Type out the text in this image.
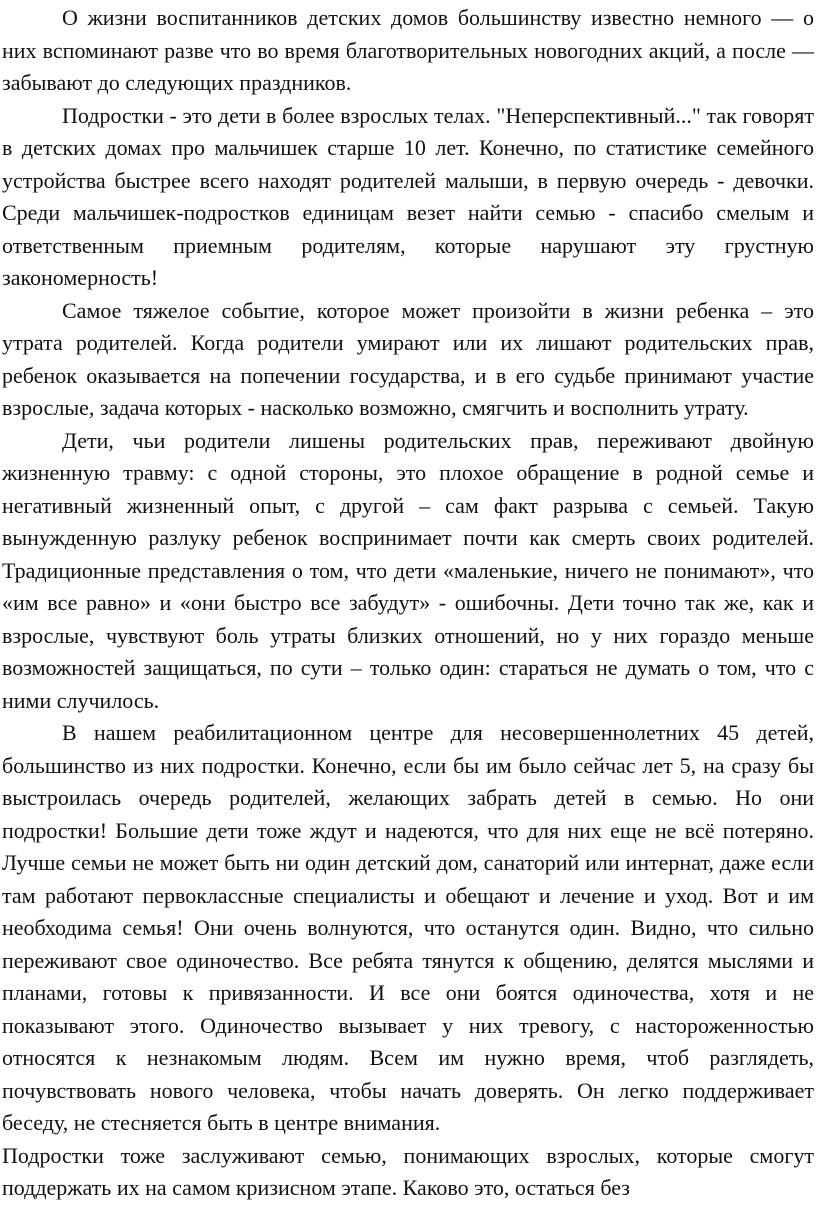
О жизни воспитанников детских домов большинству известно немного — о них вспоминают разве что во время благотворительных новогодних акций, а после — забывают до следующих праздников.

Подростки - это дети в более взрослых телах. "Неперспективный..." так говорят в детских домах про мальчишек старше 10 лет. Конечно, по статистике семейного устройства быстрее всего находят родителей малыши, в первую очередь - девочки. Среди мальчишек-подростков единицам везет найти семью - спасибо смелым и ответственным приемным родителям, которые нарушают эту грустную закономерность!

Самое тяжелое событие, которое может произойти в жизни ребенка – это утрата родителей. Когда родители умирают или их лишают родительских прав, ребенок оказывается на попечении государства, и в его судьбе принимают участие взрослые, задача которых - насколько возможно, смягчить и восполнить утрату.

Дети, чьи родители лишены родительских прав, переживают двойную жизненную травму: с одной стороны, это плохое обращение в родной семье и негативный жизненный опыт, с другой – сам факт разрыва с семьей. Такую вынужденную разлуку ребенок воспринимает почти как смерть своих родителей. Традиционные представления о том, что дети «маленькие, ничего не понимают», что «им все равно» и «они быстро все забудут» - ошибочны. Дети точно так же, как и взрослые, чувствуют боль утраты близких отношений, но у них гораздо меньше возможностей защищаться, по сути – только один: стараться не думать о том, что с ними случилось.

В нашем реабилитационном центре для несовершеннолетних 45 детей, большинство из них подростки. Конечно, если бы им было сейчас лет 5, на сразу бы выстроилась очередь родителей, желающих забрать детей в семью. Но они подростки! Большие дети тоже ждут и надеются, что для них еще не всё потеряно. Лучше семьи не может быть ни один детский дом, санаторий или интернат, даже если там работают первоклассные специалисты и обещают и лечение и уход. Вот и им необходима семья! Они очень волнуются, что останутся один. Видно, что сильно переживают свое одиночество. Все ребята тянутся к общению, делятся мыслями и планами, готовы к привязанности. И все они боятся одиночества, хотя и не показывают этого. Одиночество вызывает у них тревогу, с настороженностью относятся к незнакомым людям. Всем им нужно время, чтоб разглядеть, почувствовать нового человека, чтобы начать доверять. Он легко поддерживает беседу, не стесняется быть в центре внимания.

Подростки тоже заслуживают семью, понимающих взрослых, которые смогут поддержать их на самом кризисном этапе. Каково это, остаться без
